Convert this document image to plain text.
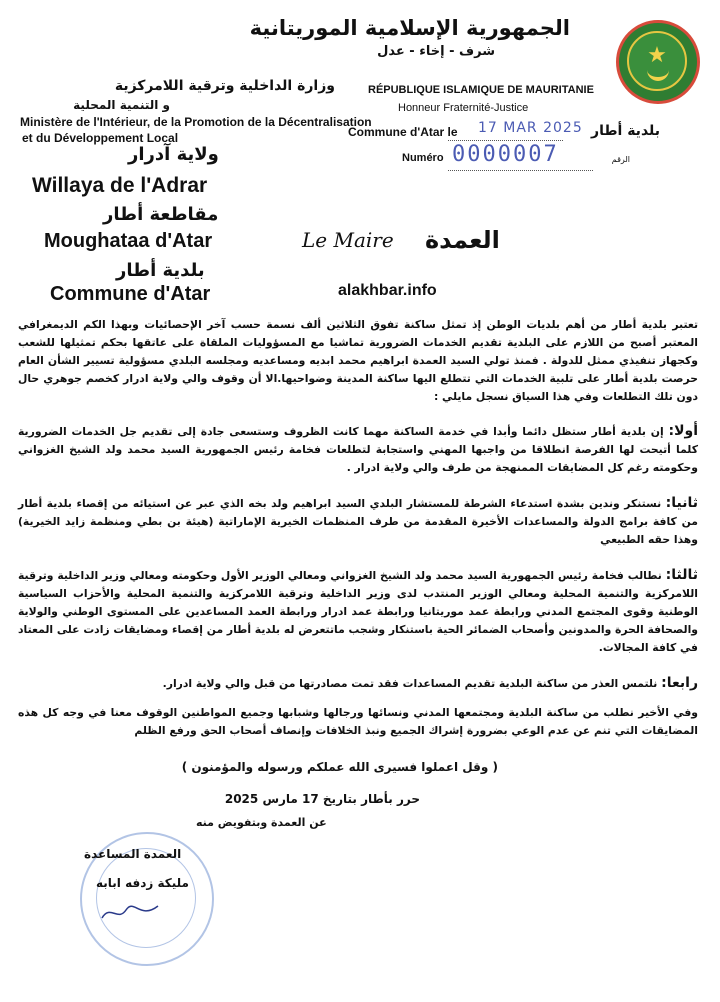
الجمهورية الإسلامية الموريتانية
شرف - إخاء - عدل	★
RÉPUBLIQUE ISLAMIQUE DE MAURITANIE
Honneur Fraternité-Justice
Commune d'Atar le 17 MAR 2025 بلدية أطار
Numéro 0000007	الرقم
وزارة الداخلية وترقية اللامركزية
و التنمية المحلية
Ministère de l'Intérieur, de la Promotion de la Décentralisation
et du Développement Local
ولاية آدرار
Willaya de l'Adrar
مقاطعة أطار
Moughataa d'Atar
بلدية أطار
Commune d'Atar
Le Maire العمدة
alakhbar.info
تعتبر بلدية أطار من أهم بلديات الوطن إذ تمثل ساكنة تفوق الثلاثين ألف نسمة حسب آخر الإحصائيات وبهذا الكم الديمغرافي المعتبر أصبح من اللازم على البلدية تقديم الخدمات الضرورية تماشيا مع المسؤوليات الملقاة على عاتقها بحكم تمثيلها للشعب وكجهاز تنفيذي ممثل للدولة . فمنذ تولي السيد العمدة ابراهيم محمد ابديه ومساعديه ومجلسه البلدي مسؤولية تسيير الشأن العام حرصت بلدية أطار على تلبية الخدمات التي تتطلع اليها ساكنة المدينة وضواحيها.الا أن وقوف والي ولاية ادرار كخصم جوهري حال دون تلك التطلعات وفي هذا السياق نسجل مايلي :
أولا: إن بلدية أطار ستظل دائما وأبدا في خدمة الساكنة مهما كانت الظروف وستسعى جادة إلى تقديم جل الخدمات الضرورية كلما أتيحت لها الفرصة انطلاقا من واجبها المهني واستجابة لتطلعات فخامة رئيس الجمهورية السيد محمد ولد الشيخ الغزواني وحكومته رغم كل المضايقات الممنهجة من طرف والي ولاية ادرار .
ثانيا: نستنكر وندين بشدة استدعاء الشرطة للمستشار البلدي السيد ابراهيم ولد بخه الذي عبر عن استيائه من إقصاء بلدية أطار من كافة برامج الدولة والمساعدات الأخيرة المقدمة من طرف المنظمات الخيرية الإماراتية (هيئة بن بطي ومنظمة زايد الخيرية) وهذا حقه الطبيعي
ثالثا: نطالب فخامة رئيس الجمهورية السيد محمد ولد الشيخ الغزواني ومعالي الوزير الأول وحكومته ومعالي وزير الداخلية وترقية اللامركزية والتنمية المحلية ومعالي الوزير المنتدب لدى وزير الداخلية وترقية اللامركزية والتنمية المحلية والأحزاب السياسية الوطنية وقوى المجتمع المدني ورابطة عمد موريتانيا ورابطة عمد ادرار ورابطة العمد المساعدين على المستوى الوطني والولاية والصحافة الحرة والمدونين وأصحاب الضمائر الحية باستنكار وشجب ماتتعرض له بلدية أطار من إقصاء ومضايقات زادت على المعتاد في كافة المجالات.
رابعا: نلتمس العذر من ساكنة البلدية تقديم المساعدات فقد تمت مصادرتها من قبل والي ولاية ادرار.
وفي الأخير نطلب من ساكنة البلدية ومجتمعها المدني ونسائها ورجالها وشبابها وجميع المواطنين الوقوف معنا في وجه كل هذه المضايقات التي تنم عن عدم الوعي بضرورة إشراك الجميع ونبذ الخلافات وإنصاف أصحاب الحق ورفع الظلم
( وقل اعملوا فسيرى الله عملكم ورسوله والمؤمنون )
حرر بأطار بتاريخ 17 مارس 2025
عن العمدة وبتفويض منه
العمدة المساعدة
مليكة زدفه ابابه
